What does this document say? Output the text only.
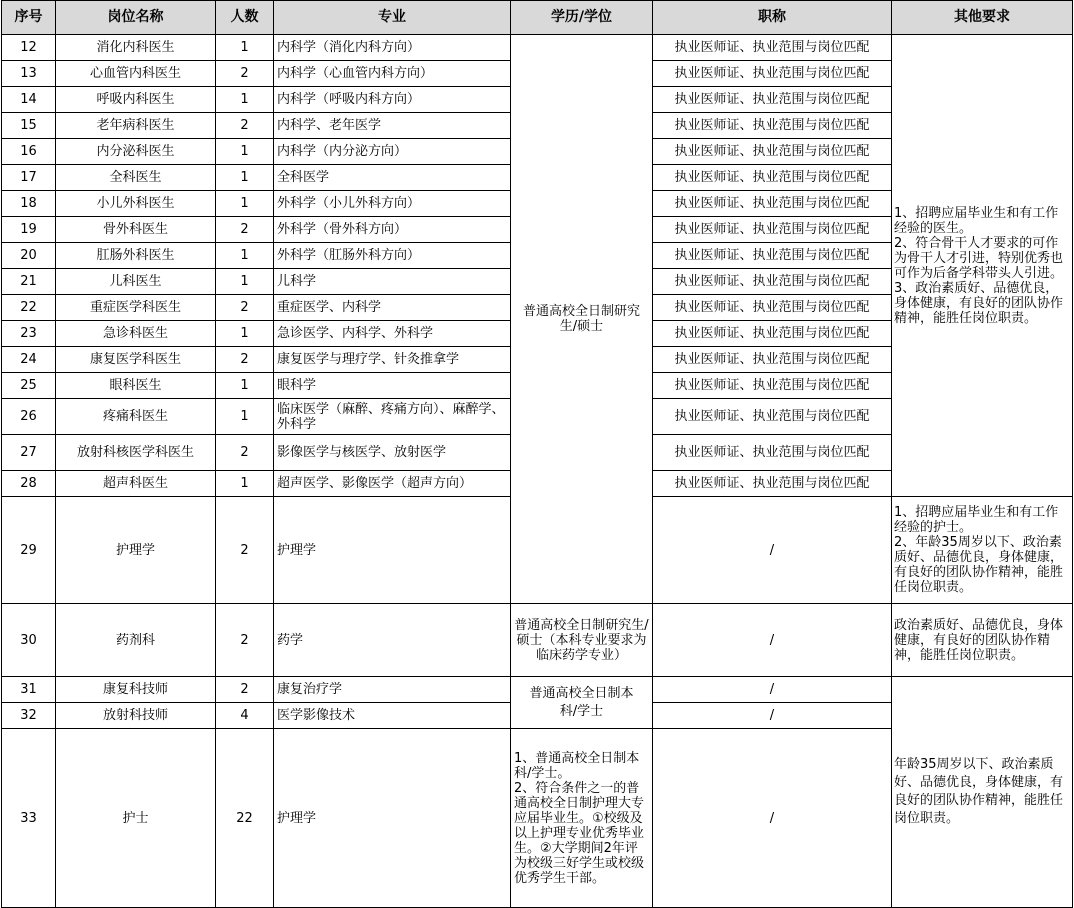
序号	岗位名称	人数	专业	学历/学位	职称	其他要求
12	消化内科医生	1	内科学（消化内科方向）	普通高校全日制研究生/硕士	执业医师证、执业范围与岗位匹配	1、招聘应届毕业生和有工作经验的医生。
2、符合骨干人才要求的可作为骨干人才引进，特别优秀也可作为后备学科带头人引进。
3、政治素质好、品德优良，身体健康，有良好的团队协作精神，能胜任岗位职责。
13	心血管内科医生	2	内科学（心血管内科方向）		执业医师证、执业范围与岗位匹配	
14	呼吸内科医生	1	内科学（呼吸内科方向）		执业医师证、执业范围与岗位匹配	
15	老年病科医生	2	内科学、老年医学		执业医师证、执业范围与岗位匹配	
16	内分泌科医生	1	内科学（内分泌方向）		执业医师证、执业范围与岗位匹配	
17	全科医生	1	全科医学		执业医师证、执业范围与岗位匹配	
18	小儿外科医生	1	外科学（小儿外科方向）		执业医师证、执业范围与岗位匹配	
19	骨外科医生	2	外科学（骨外科方向）		执业医师证、执业范围与岗位匹配	
20	肛肠外科医生	1	外科学（肛肠外科方向）		执业医师证、执业范围与岗位匹配	
21	儿科医生	1	儿科学		执业医师证、执业范围与岗位匹配	
22	重症医学科医生	2	重症医学、内科学		执业医师证、执业范围与岗位匹配	
23	急诊科医生	1	急诊医学、内科学、外科学		执业医师证、执业范围与岗位匹配	
24	康复医学科医生	2	康复医学与理疗学、针灸推拿学		执业医师证、执业范围与岗位匹配	
25	眼科医生	1	眼科学		执业医师证、执业范围与岗位匹配	
26	疼痛科医生	1	临床医学（麻醉、疼痛方向）、麻醉学、外科学		执业医师证、执业范围与岗位匹配	
27	放射科核医学科医生	2	影像医学与核医学、放射医学		执业医师证、执业范围与岗位匹配	
28	超声科医生	1	超声医学、影像医学（超声方向）		执业医师证、执业范围与岗位匹配	
29	护理学	2	护理学		/	1、招聘应届毕业生和有工作经验的护士。
2、年龄35周岁以下、政治素质好、品德优良，身体健康，有良好的团队协作精神，能胜任岗位职责。
30	药剂科	2	药学	普通高校全日制研究生/硕士（本科专业要求为临床药学专业）	/	政治素质好、品德优良，身体健康，有良好的团队协作精神，能胜任岗位职责。
31	康复科技师	2	康复治疗学	普通高校全日制本科/学士	/	年龄35周岁以下、政治素质好、品德优良，身体健康，有良好的团队协作精神，能胜任岗位职责。
32	放射科技师	4	医学影像技术		/	
33	护士	22	护理学	1、普通高校全日制本科/学士。
2、符合条件之一的普通高校全日制护理大专应届毕业生。①校级及以上护理专业优秀毕业生。②大学期间2年评为校级三好学生或校级优秀学生干部。	/	
